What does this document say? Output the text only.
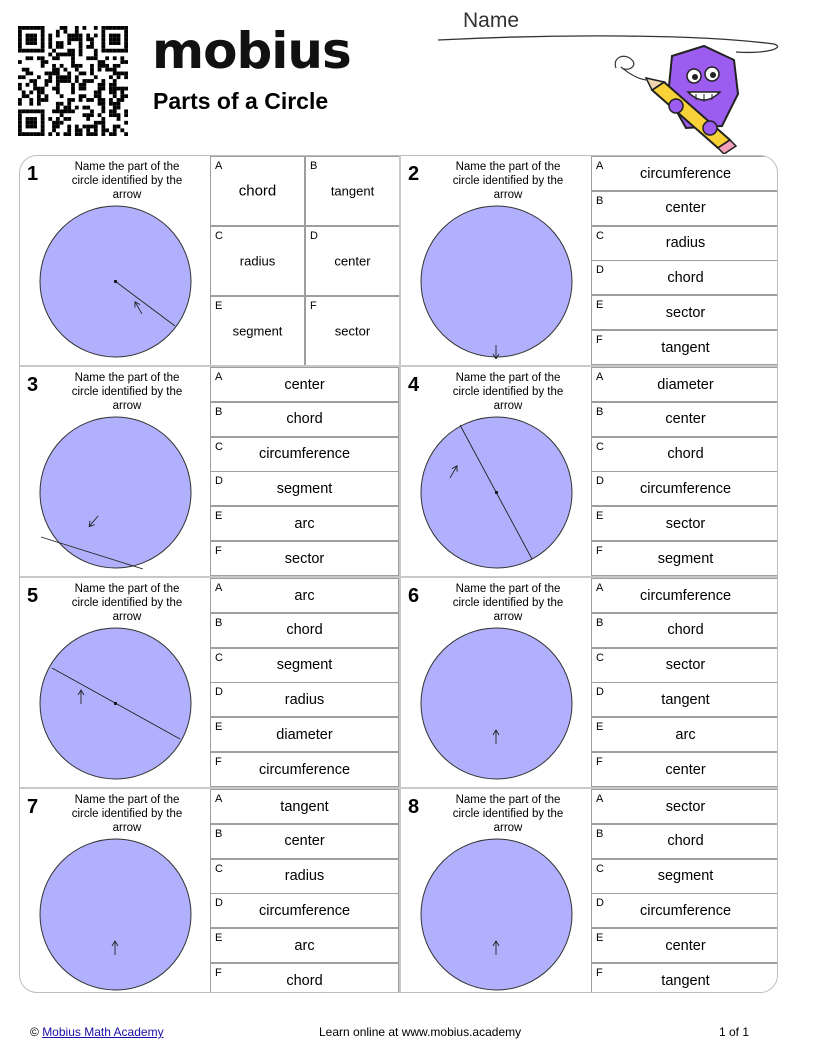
mobius
Parts of a Circle
Name
1	Name the part of the circle identified by the arrow
A
chord
B
tangent
C
radius
D
center
E
segment
F
sector
2	Name the part of the circle identified by the arrow
A	circumference
B	center
C	radius
D	chord
E	sector
F	tangent
3	Name the part of the circle identified by the arrow
A	center
B	chord
C	circumference
D	segment
E	arc
F	sector
4	Name the part of the circle identified by the arrow
A	diameter
B	center
C	chord
D	circumference
E	sector
F	segment
5	Name the part of the circle identified by the arrow
A	arc
B	chord
C	segment
D	radius
E	diameter
F	circumference
6	Name the part of the circle identified by the arrow
A	circumference
B	chord
C	sector
D	tangent
E	arc
F	center
7	Name the part of the circle identified by the arrow
A	tangent
B	center
C	radius
D	circumference
E	arc
F	chord
8	Name the part of the circle identified by the arrow
A	sector
B	chord
C	segment
D	circumference
E	center
F	tangent
© Mobius Math Academy	Learn online at www.mobius.academy	1 of 1
